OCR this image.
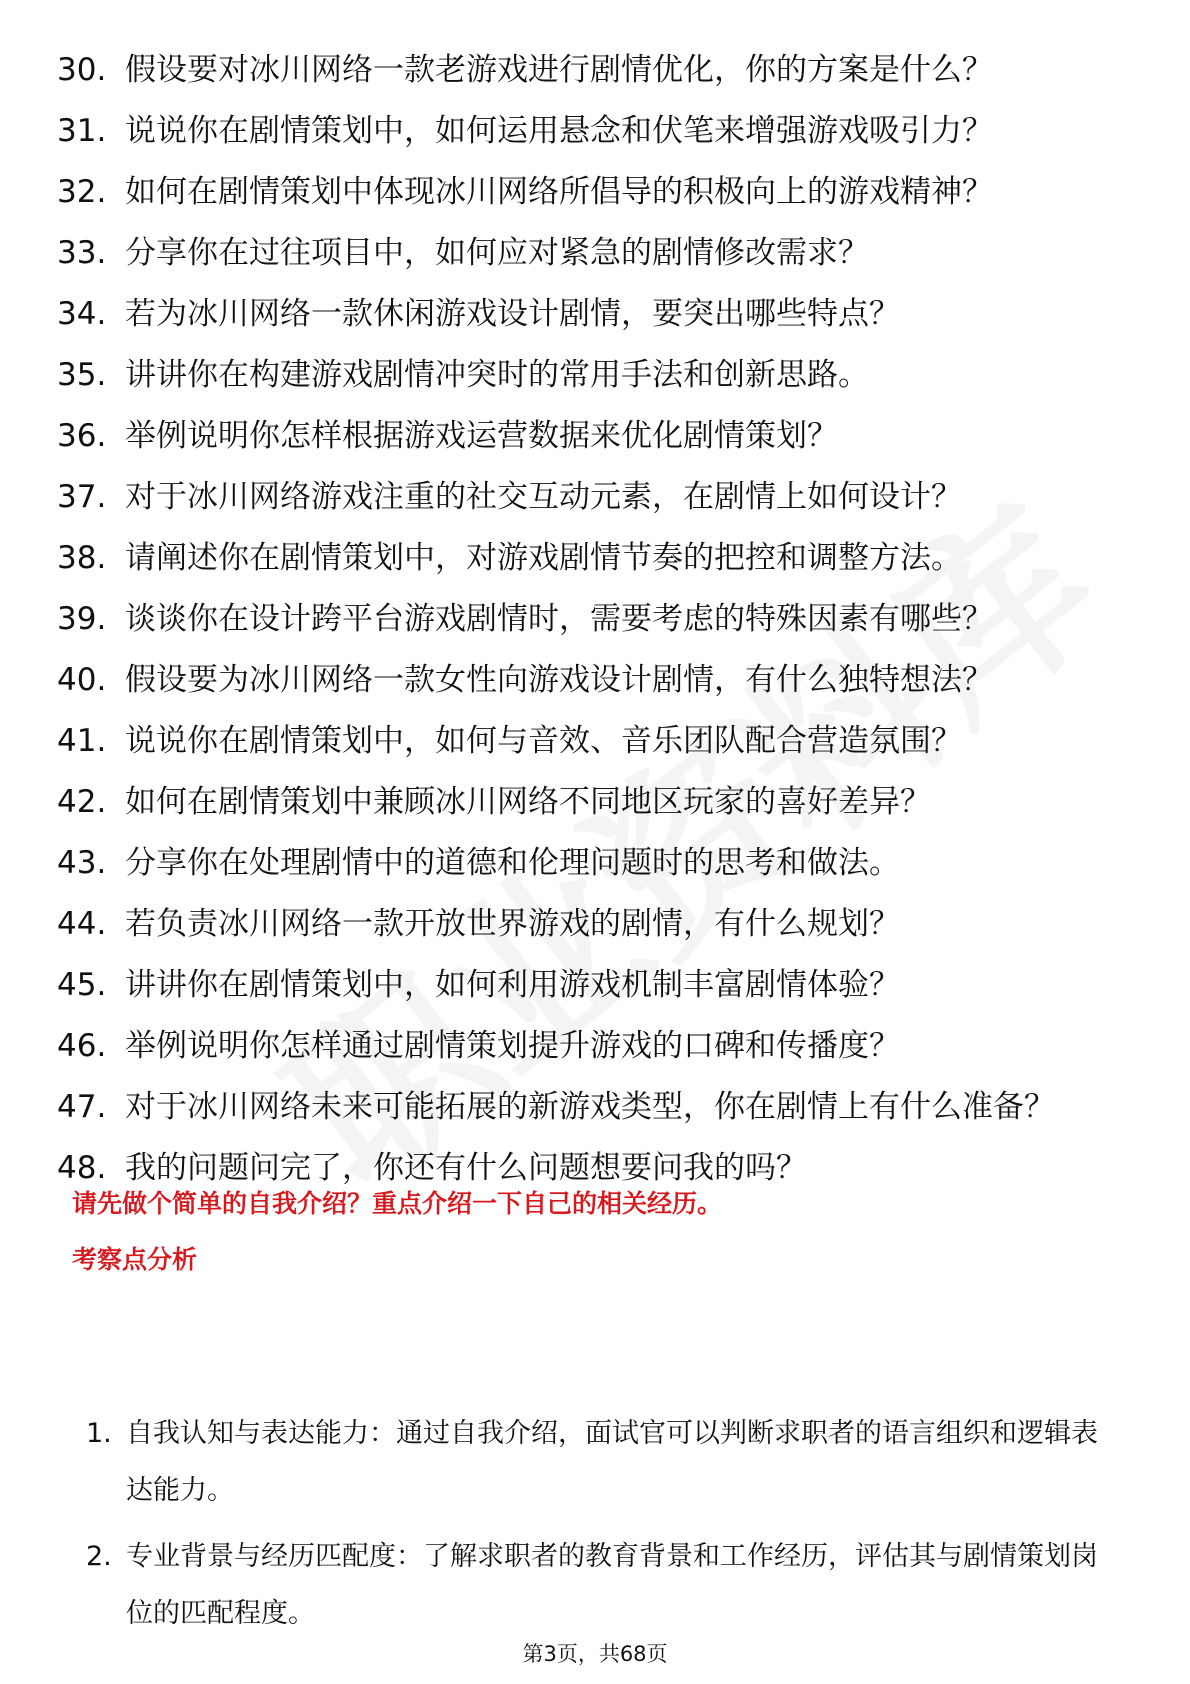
30. 假设要对冰川网络一款老游戏进行剧情优化，你的方案是什么？
31. 说说你在剧情策划中，如何运用悬念和伏笔来增强游戏吸引力？
32. 如何在剧情策划中体现冰川网络所倡导的积极向上的游戏精神？
33. 分享你在过往项目中，如何应对紧急的剧情修改需求？
34. 若为冰川网络一款休闲游戏设计剧情，要突出哪些特点？
35. 讲讲你在构建游戏剧情冲突时的常用手法和创新思路。
36. 举例说明你怎样根据游戏运营数据来优化剧情策划？
37. 对于冰川网络游戏注重的社交互动元素，在剧情上如何设计？
38. 请阐述你在剧情策划中，对游戏剧情节奏的把控和调整方法。
39. 谈谈你在设计跨平台游戏剧情时，需要考虑的特殊因素有哪些？
40. 假设要为冰川网络一款女性向游戏设计剧情，有什么独特想法？
41. 说说你在剧情策划中，如何与音效、音乐团队配合营造氛围？
42. 如何在剧情策划中兼顾冰川网络不同地区玩家的喜好差异？
43. 分享你在处理剧情中的道德和伦理问题时的思考和做法。
44. 若负责冰川网络一款开放世界游戏的剧情，有什么规划？
45. 讲讲你在剧情策划中，如何利用游戏机制丰富剧情体验？
46. 举例说明你怎样通过剧情策划提升游戏的口碑和传播度？
47. 对于冰川网络未来可能拓展的新游戏类型，你在剧情上有什么准备？
48. 我的问题问完了，你还有什么问题想要问我的吗？
请先做个简单的自我介绍？重点介绍一下自己的相关经历。
考察点分析
1. 自我认知与表达能力：通过自我介绍，面试官可以判断求职者的语言组织和逻辑表达能力。
2. 专业背景与经历匹配度：了解求职者的教育背景和工作经历，评估其与剧情策划岗位的匹配程度。
第3页，共68页
